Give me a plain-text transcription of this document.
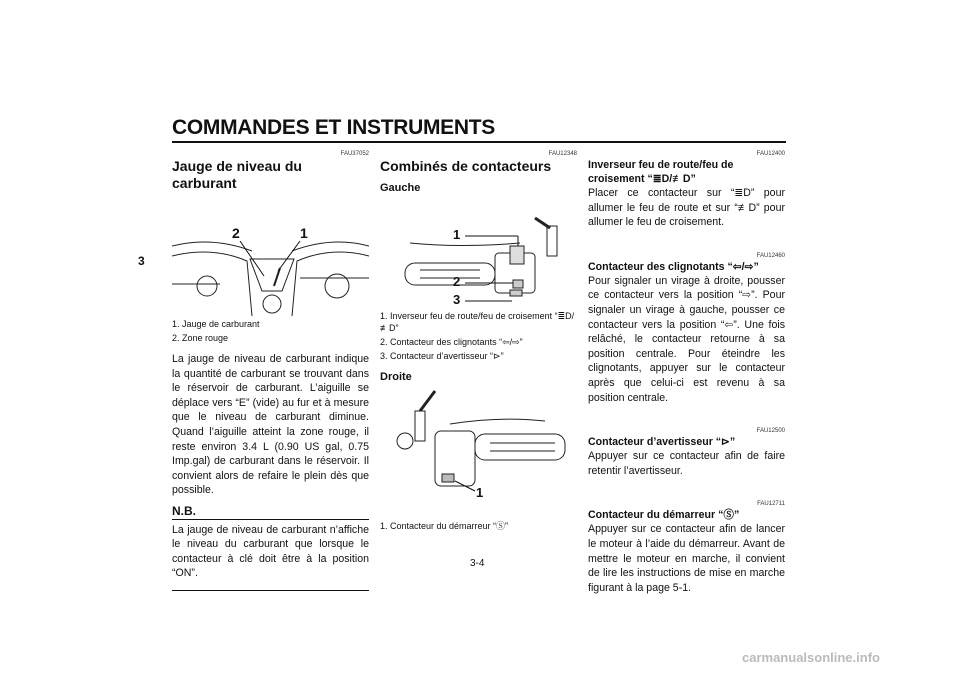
COMMANDES ET INSTRUMENTS
3
FAU37052
Jauge de niveau du carburant
2	1
1. Jauge de carburant
2. Zone rouge

La jauge de niveau de carburant indique la quantité de carburant se trouvant dans le réservoir de carburant. L’aiguille se déplace vers “E” (vide) au fur et à mesure que le niveau de carburant diminue. Quand l’aiguille atteint la zone rouge, il reste environ 3.4 L (0.90 US gal, 0.75 Imp.gal) de carburant dans le réservoir. Il convient alors de refaire le plein dès que possible.

N.B.

La jauge de niveau de carburant n’affiche le niveau du carburant que lorsque le contacteur à clé doit être à la position “ON”.

FAU12348
Combinés de contacteurs
Gauche
1
2
3
1. Inverseur feu de route/feu de croisement “≣D/≢D”
2. Contacteur des clignotants “⇦/⇨”
3. Contacteur d’avertisseur “⊳”
Droite
1
1. Contacteur du démarreur “Ⓢ”
FAU12400
Inverseur feu de route/feu de croisement “≣D/≢D”

Placer ce contacteur sur “≣D” pour allumer le feu de route et sur “≢D” pour allumer le feu de croisement.

FAU12460
Contacteur des clignotants “⇦/⇨”

Pour signaler un virage à droite, pousser ce contacteur vers la position “⇨”. Pour signaler un virage à gauche, pousser ce contacteur vers la position “⇦”. Une fois relâché, le contacteur retourne à sa position centrale. Pour éteindre les clignotants, appuyer sur le contacteur après que celui-ci est revenu à sa position centrale.

FAU12500
Contacteur d’avertisseur “⊳”

Appuyer sur ce contacteur afin de faire retentir l’avertisseur.

FAU12711
Contacteur du démarreur “Ⓢ”

Appuyer sur ce contacteur afin de lancer le moteur à l’aide du démarreur. Avant de mettre le moteur en marche, il convient de lire les instructions de mise en marche figurant à la page 5-1.

3-4
carmanualsonline.info
